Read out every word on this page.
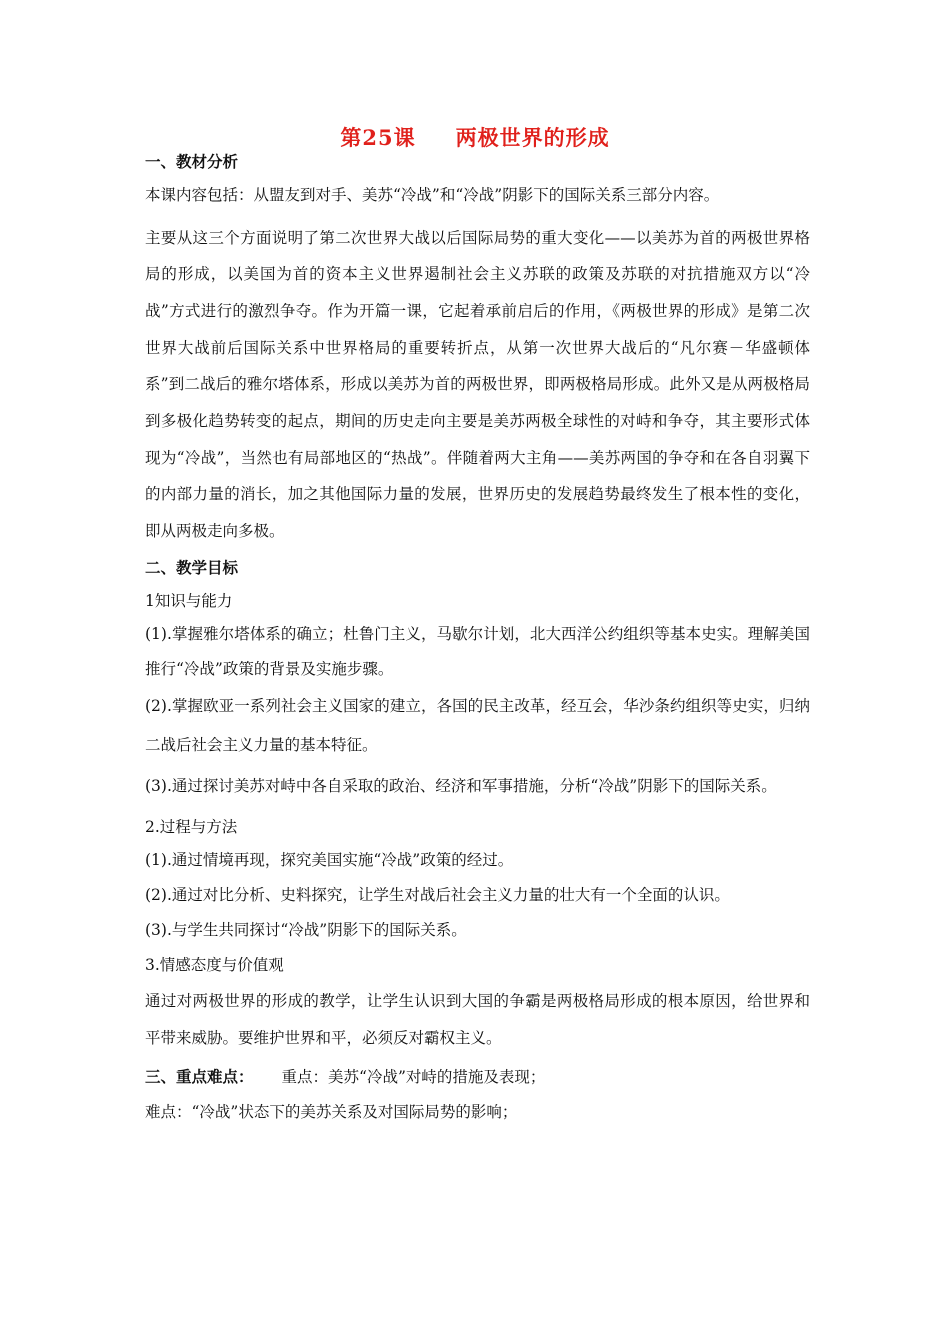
第25课 两极世界的形成

一、教材分析

本课内容包括：从盟友到对手、美苏“冷战”和“冷战”阴影下的国际关系三部分内容。

主要从这三个方面说明了第二次世界大战以后国际局势的重大变化——以美苏为首的两极世界格局的形成，以美国为首的资本主义世界遏制社会主义苏联的政策及苏联的对抗措施双方以“冷战”方式进行的激烈争夺。作为开篇一课，它起着承前启后的作用，《两极世界的形成》是第二次世界大战前后国际关系中世界格局的重要转折点，从第一次世界大战后的“凡尔赛－华盛顿体系”到二战后的雅尔塔体系，形成以美苏为首的两极世界，即两极格局形成。此外又是从两极格局到多极化趋势转变的起点，期间的历史走向主要是美苏两极全球性的对峙和争夺，其主要形式体现为“冷战”，当然也有局部地区的“热战”。伴随着两大主角——美苏两国的争夺和在各自羽翼下的内部力量的消长，加之其他国际力量的发展，世界历史的发展趋势最终发生了根本性的变化，即从两极走向多极。

二、教学目标

1知识与能力

(1).掌握雅尔塔体系的确立；杜鲁门主义，马歇尔计划，北大西洋公约组织等基本史实。理解美国推行“冷战”政策的背景及实施步骤。

(2).掌握欧亚一系列社会主义国家的建立，各国的民主改革，经互会，华沙条约组织等史实，归纳二战后社会主义力量的基本特征。

(3).通过探讨美苏对峙中各自采取的政治、经济和军事措施，分析“冷战”阴影下的国际关系。

2.过程与方法

(1).通过情境再现，探究美国实施“冷战”政策的经过。

(2).通过对比分析、史料探究，让学生对战后社会主义力量的壮大有一个全面的认识。

(3).与学生共同探讨“冷战”阴影下的国际关系。

3.情感态度与价值观

通过对两极世界的形成的教学，让学生认识到大国的争霸是两极格局形成的根本原因，给世界和平带来威胁。要维护世界和平，必须反对霸权主义。

三、重点难点： 重点：美苏“冷战”对峙的措施及表现；

难点：“冷战”状态下的美苏关系及对国际局势的影响；
